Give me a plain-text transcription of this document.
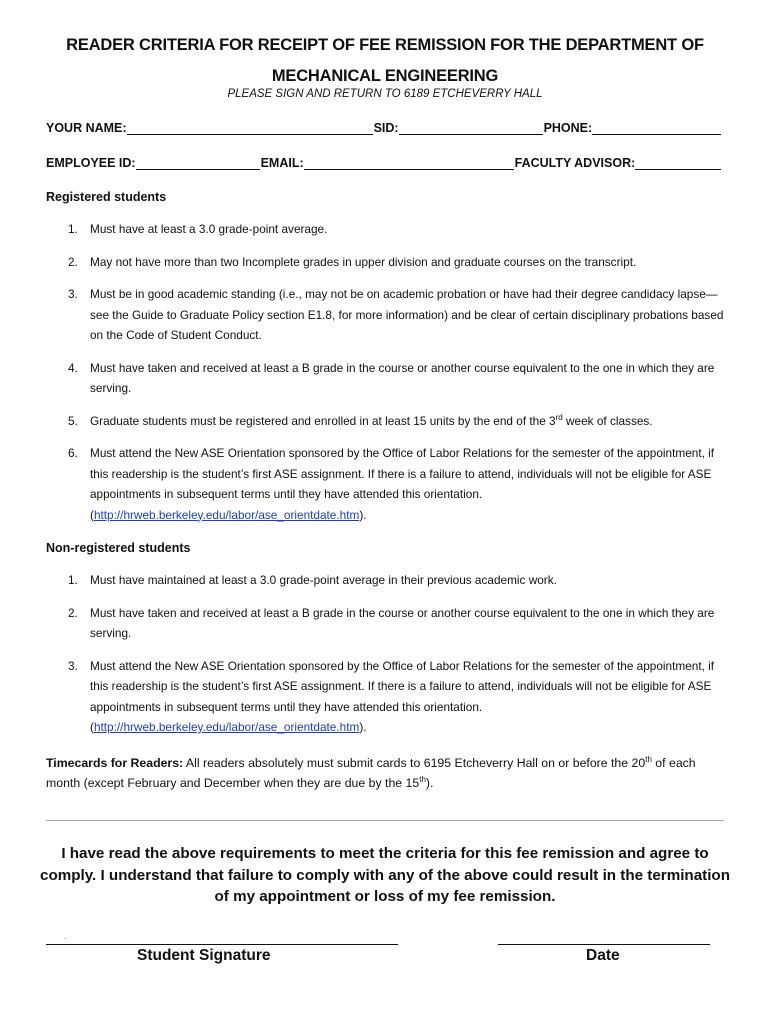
READER CRITERIA FOR RECEIPT OF FEE REMISSION FOR THE DEPARTMENT OF MECHANICAL ENGINEERING
PLEASE SIGN AND RETURN TO 6189 ETCHEVERRY HALL
YOUR NAME:	SID:	PHONE:
EMPLOYEE ID:	EMAIL:	FACULTY ADVISOR:
Registered students
1. Must have at least a 3.0 grade-point average.
2. May not have more than two Incomplete grades in upper division and graduate courses on the transcript.
3. Must be in good academic standing (i.e., may not be on academic probation or have had their degree candidacy lapse—see the Guide to Graduate Policy section E1.8, for more information) and be clear of certain disciplinary probations based on the Code of Student Conduct.
4. Must have taken and received at least a B grade in the course or another course equivalent to the one in which they are serving.
5. Graduate students must be registered and enrolled in at least 15 units by the end of the 3rd week of classes.
6. Must attend the New ASE Orientation sponsored by the Office of Labor Relations for the semester of the appointment, if this readership is the student’s first ASE assignment. If there is a failure to attend, individuals will not be eligible for ASE appointments in subsequent terms until they have attended this orientation. (http://hrweb.berkeley.edu/labor/ase_orientdate.htm).
Non-registered students
1. Must have maintained at least a 3.0 grade-point average in their previous academic work.
2. Must have taken and received at least a B grade in the course or another course equivalent to the one in which they are serving.
3. Must attend the New ASE Orientation sponsored by the Office of Labor Relations for the semester of the appointment, if this readership is the student’s first ASE assignment. If there is a failure to attend, individuals will not be eligible for ASE appointments in subsequent terms until they have attended this orientation. (http://hrweb.berkeley.edu/labor/ase_orientdate.htm).
Timecards for Readers: All readers absolutely must submit cards to 6195 Etcheverry Hall on or before the 20th of each month (except February and December when they are due by the 15th).
I have read the above requirements to meet the criteria for this fee remission and agree to comply. I understand that failure to comply with any of the above could result in the termination of my appointment or loss of my fee remission.
.
Student Signature	Date
